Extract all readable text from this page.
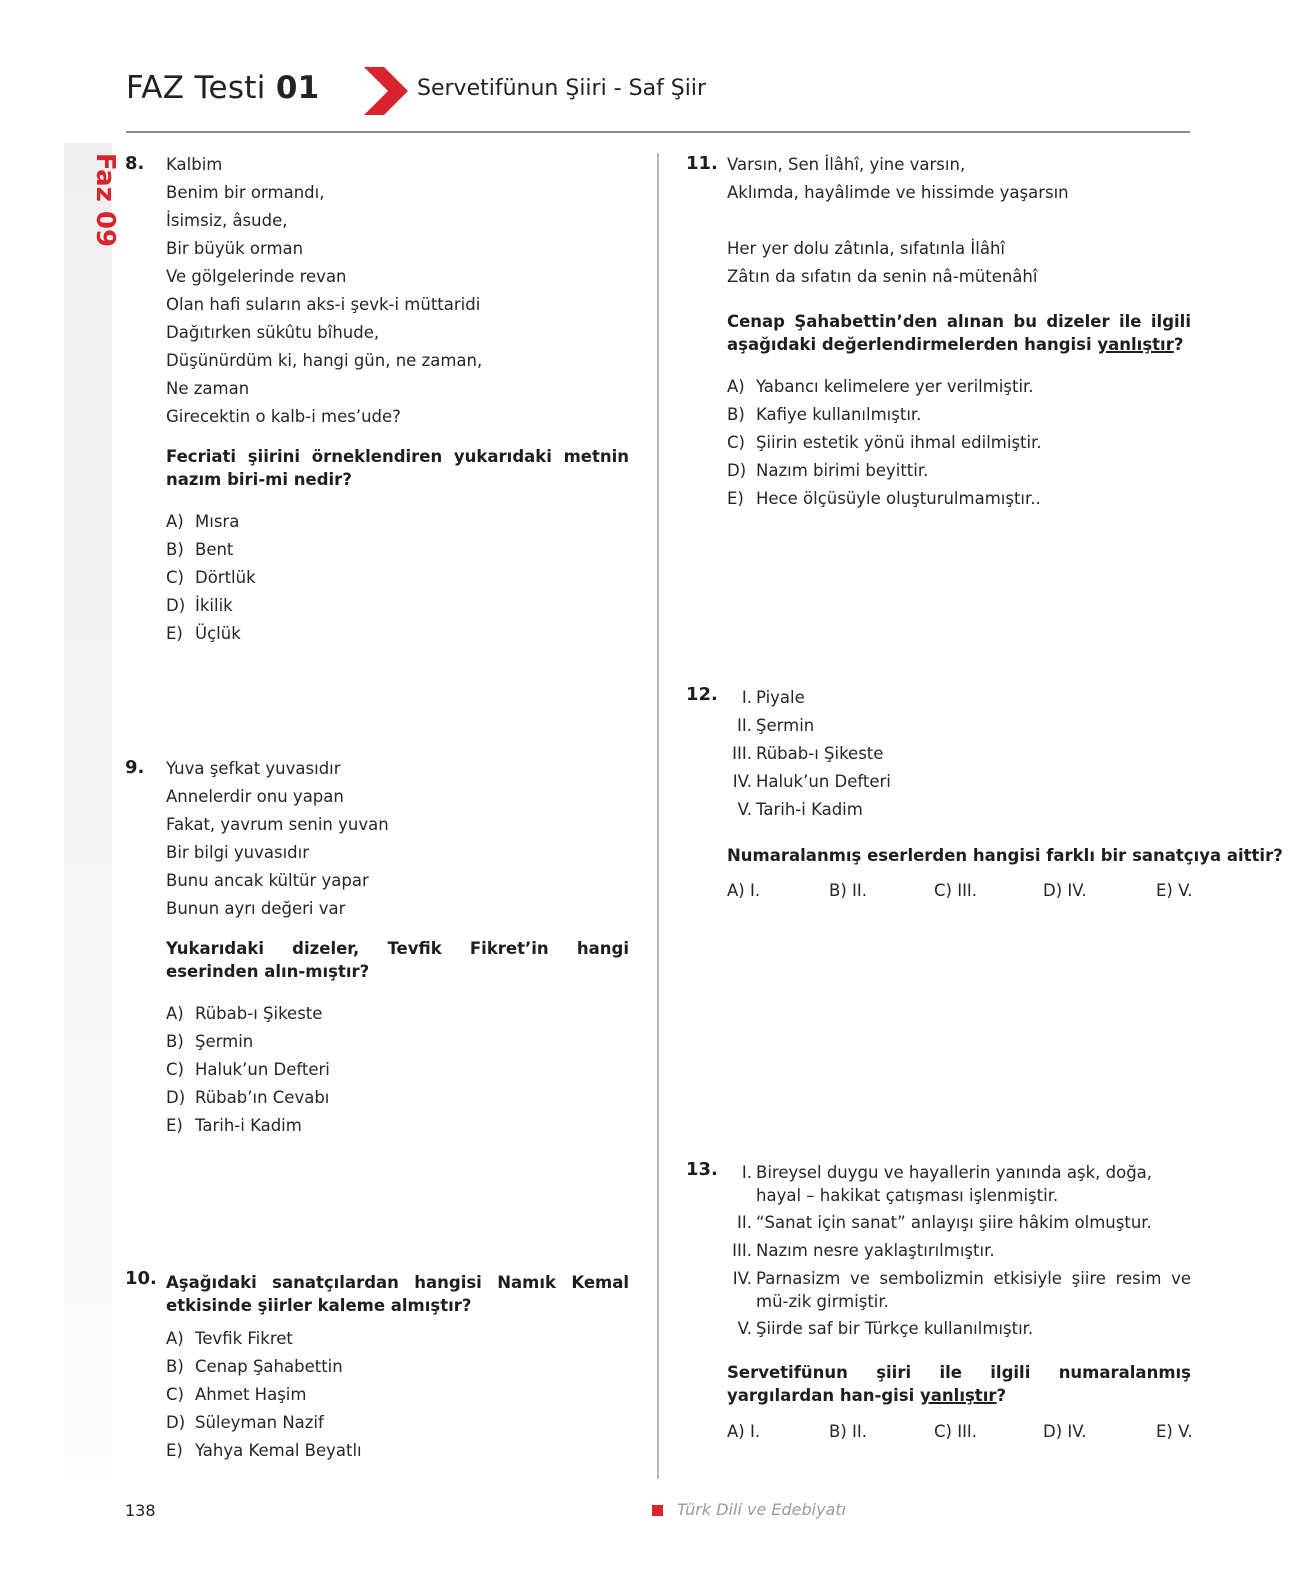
Faz 09
FAZ Testi 01	Servetifünun Şiiri - Saf Şiir
8. Kalbim
Benim bir ormandı,
İsimsiz, âsude,
Bir büyük orman
Ve gölgelerinde revan
Olan hafi suların aks-i şevk-i müttaridi
Dağıtırken sükûtu bîhude,
Düşünürdüm ki, hangi gün, ne zaman,
Ne zaman
Girecektin o kalb-i mes’ude?
Fecriati şiirini örneklendiren yukarıdaki metnin nazım biri-mi nedir?
A) Mısra
B) Bent
C) Dörtlük
D) İkilik
E) Üçlük
9. Yuva şefkat yuvasıdır
Annelerdir onu yapan
Fakat, yavrum senin yuvan
Bir bilgi yuvasıdır
Bunu ancak kültür yapar
Bunun ayrı değeri var
Yukarıdaki dizeler, Tevfik Fikret’in hangi eserinden alın-mıştır?
A) Rübab-ı Şikeste
B) Şermin
C) Haluk’un Defteri
D) Rübab’ın Cevabı
E) Tarih-i Kadim
10. Aşağıdaki sanatçılardan hangisi Namık Kemal etkisinde şiirler kaleme almıştır?
A) Tevfik Fikret
B) Cenap Şahabettin
C) Ahmet Haşim
D) Süleyman Nazif
E) Yahya Kemal Beyatlı
11. Varsın, Sen İlâhî, yine varsın,
Aklımda, hayâlimde ve hissimde yaşarsın
Her yer dolu zâtınla, sıfatınla İlâhî
Zâtın da sıfatın da senin nâ-mütenâhî
Cenap Şahabettin’den alınan bu dizeler ile ilgili aşağıdaki değerlendirmelerden hangisi yanlıştır?
A) Yabancı kelimelere yer verilmiştir.
B) Kafiye kullanılmıştır.
C) Şiirin estetik yönü ihmal edilmiştir.
D) Nazım birimi beyittir.
E) Hece ölçüsüyle oluşturulmamıştır..
12. I. Piyale
II. Şermin
III. Rübab-ı Şikeste
IV. Haluk’un Defteri
V. Tarih-i Kadim
Numaralanmış eserlerden hangisi farklı bir sanatçıya aittir?
A) I.	B) II.	C) III.	D) IV.	E) V.
13. I. Bireysel duygu ve hayallerin yanında aşk, doğa, hayal – hakikat çatışması işlenmiştir.
II. “Sanat için sanat” anlayışı şiire hâkim olmuştur.
III. Nazım nesre yaklaştırılmıştır.
IV. Parnasizm ve sembolizmin etkisiyle şiire resim ve mü-zik girmiştir.
V. Şiirde saf bir Türkçe kullanılmıştır.
Servetifünun şiiri ile ilgili numaralanmış yargılardan han-gisi yanlıştır?
A) I.	B) II.	C) III.	D) IV.	E) V.
138	Türk Dili ve Edebiyatı
